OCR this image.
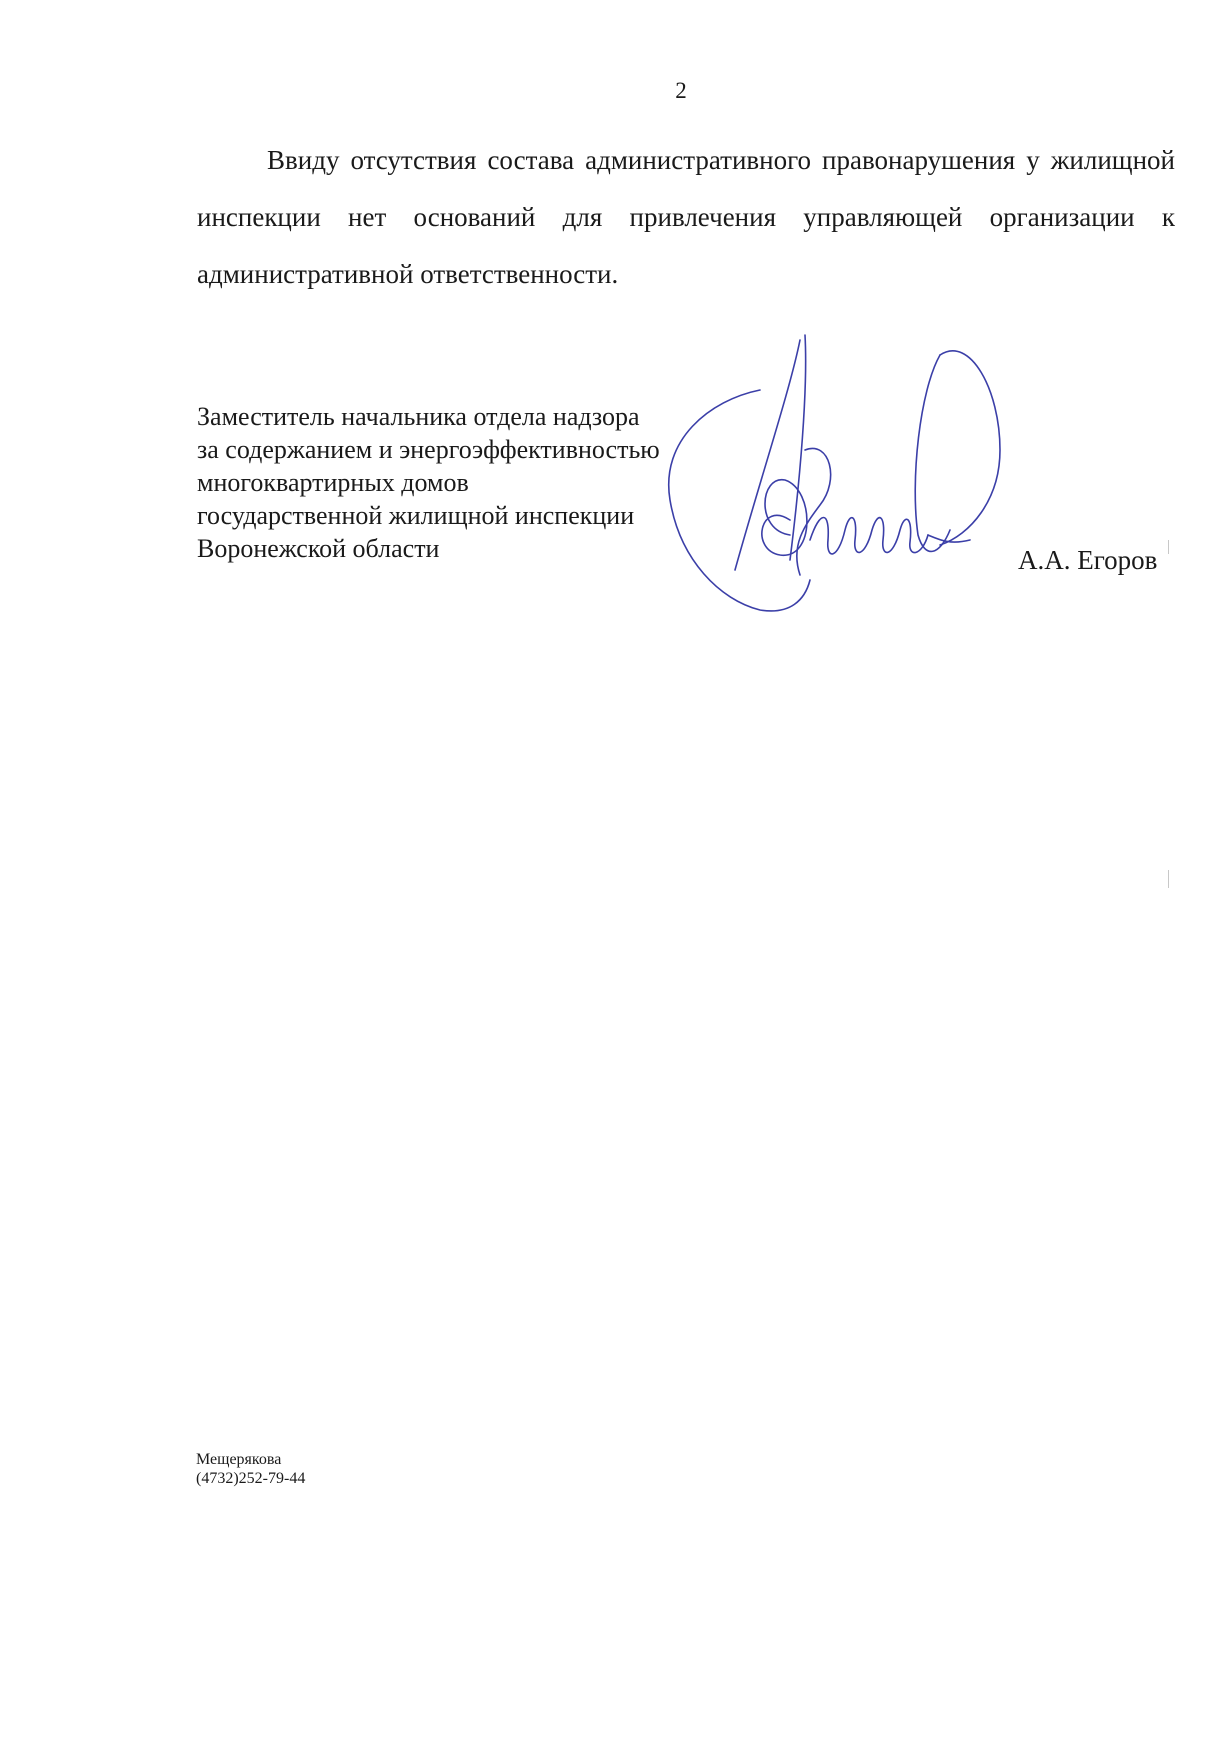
2

Ввиду отсутствия состава административного правонарушения у жилищной инспекции нет оснований для привлечения управляющей организации к административной ответственности.

Заместитель начальника отдела надзора
за содержанием и энергоэффективностью
многоквартирных домов
государственной жилищной инспекции
Воронежской области	А.А. Егоров
Мещерякова
(4732)252-79-44
